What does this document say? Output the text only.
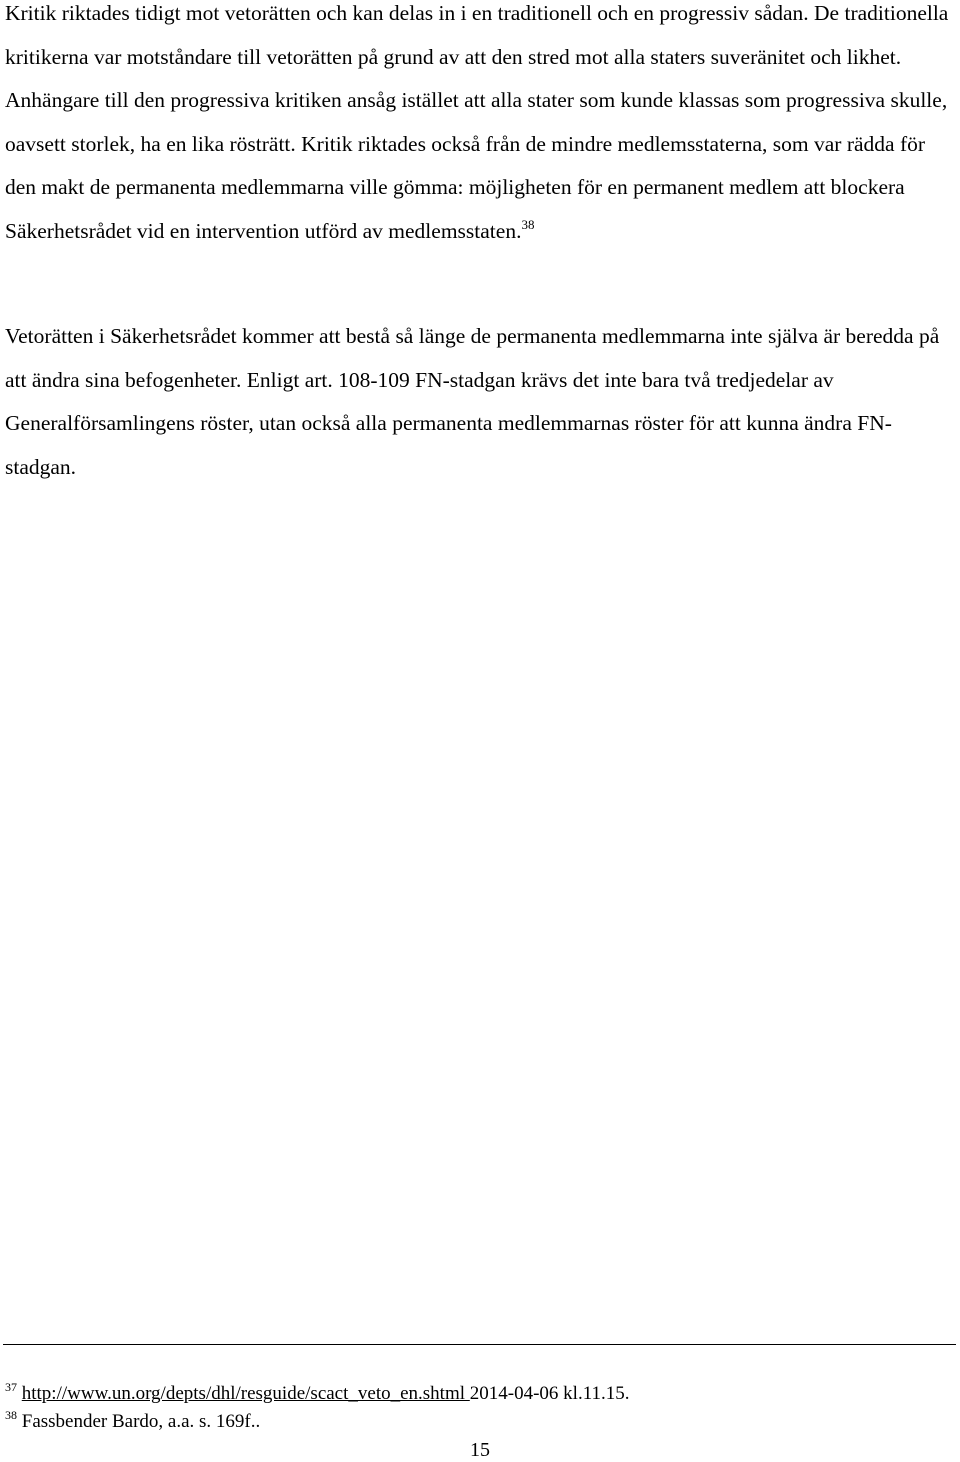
Kritik riktades tidigt mot vetorätten och kan delas in i en traditionell och en progressiv sådan. De traditionella kritikerna var motståndare till vetorätten på grund av att den stred mot alla staters suveränitet och likhet. Anhängare till den progressiva kritiken ansåg istället att alla stater som kunde klassas som progressiva skulle, oavsett storlek, ha en lika rösträtt. Kritik riktades också från de mindre medlemsstaterna, som var rädda för den makt de permanenta medlemmarna ville gömma: möjligheten för en permanent medlem att blockera Säkerhetsrådet vid en intervention utförd av medlemsstaten.$^{38}$

Vetorätten i Säkerhetsrådet kommer att bestå så länge de permanenta medlemmarna inte själva är beredda på att ändra sina befogenheter. Enligt art. 108-109 FN-stadgan krävs det inte bara två tredjedelar av Generalförsamlingens röster, utan också alla permanenta medlemmarnas röster för att kunna ändra FN-stadgan.

$^{37}$ http://www.un.org/depts/dhl/resguide/scact_veto_en.shtml 2014-04-06 kl.11.15.

$^{38}$ Fassbender Bardo, a.a. s. 169f..

15
